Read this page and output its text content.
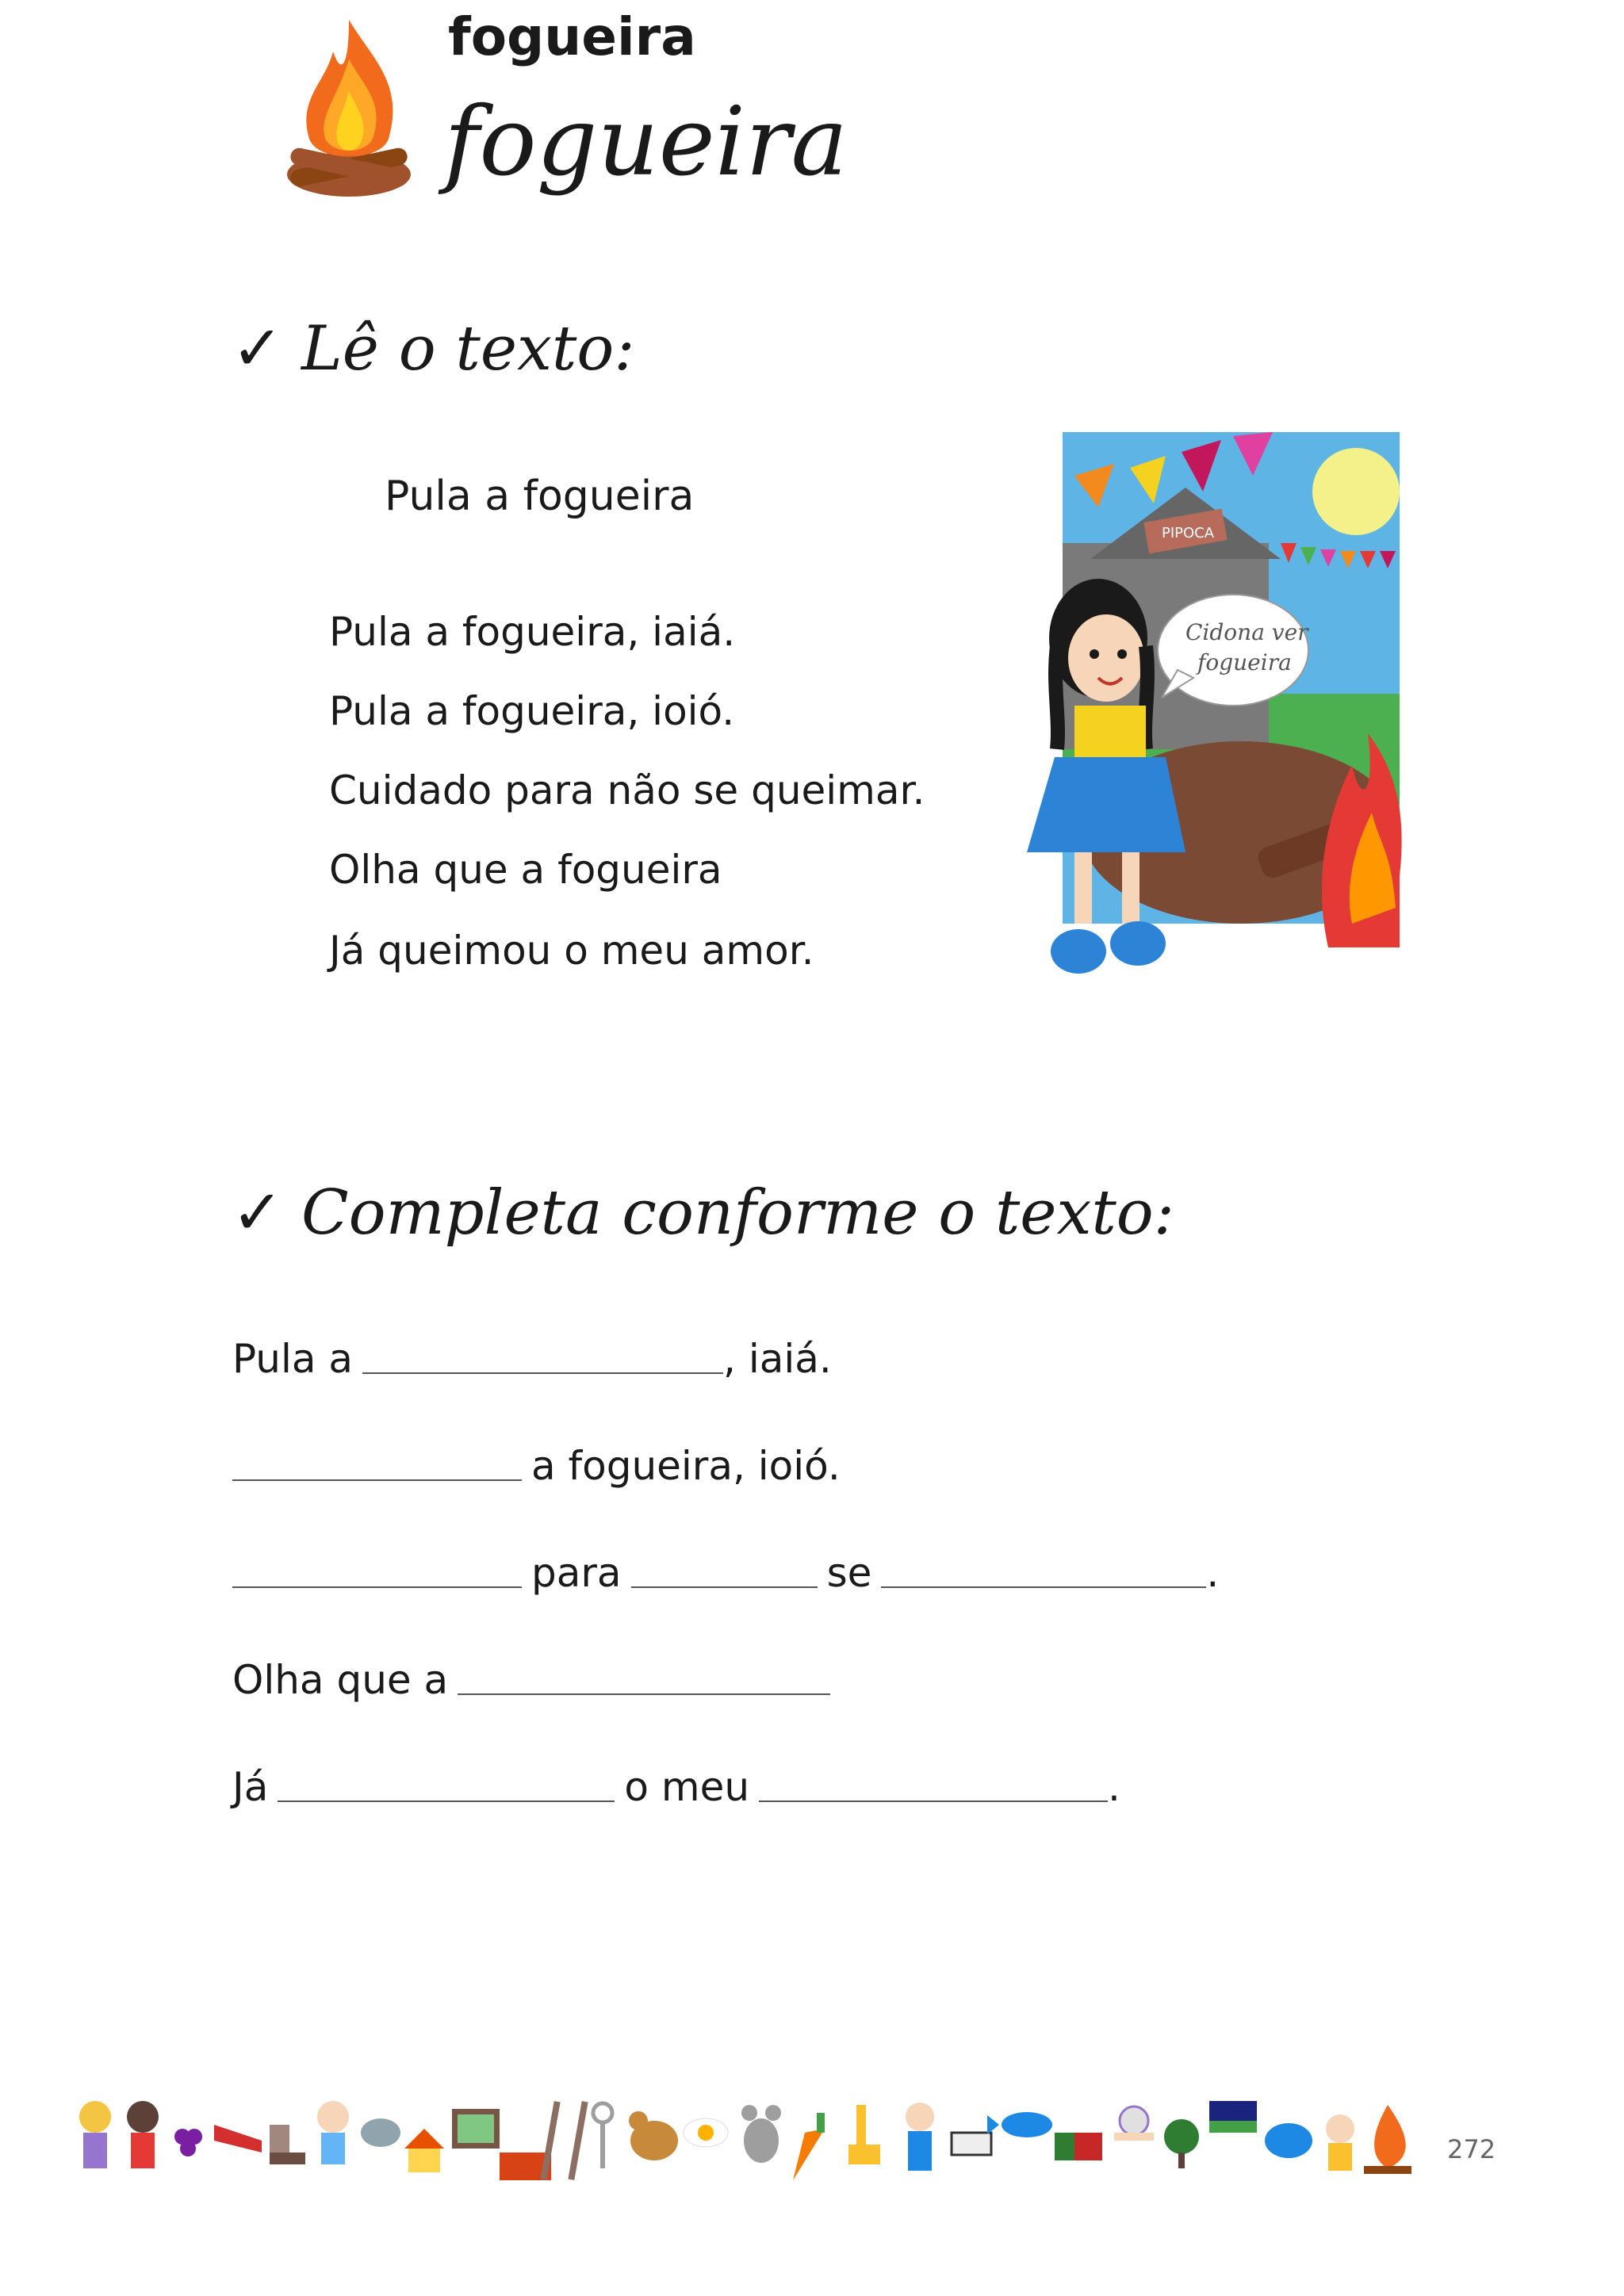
fogueira
fogueira
✓ Lê o texto:
Pula a fogueira
Pula a fogueira, iaiá.
Pula a fogueira, ioió.
Cuidado para não se queimar.
Olha que a fogueira
Já queimou o meu amor.
PIPOCA
Cidona ver
fogueira
✓ Completa conforme o texto:
Pula a	, iaiá.
a fogueira, ioió.
para	se	.
Olha que a
Já	o meu	.
272
